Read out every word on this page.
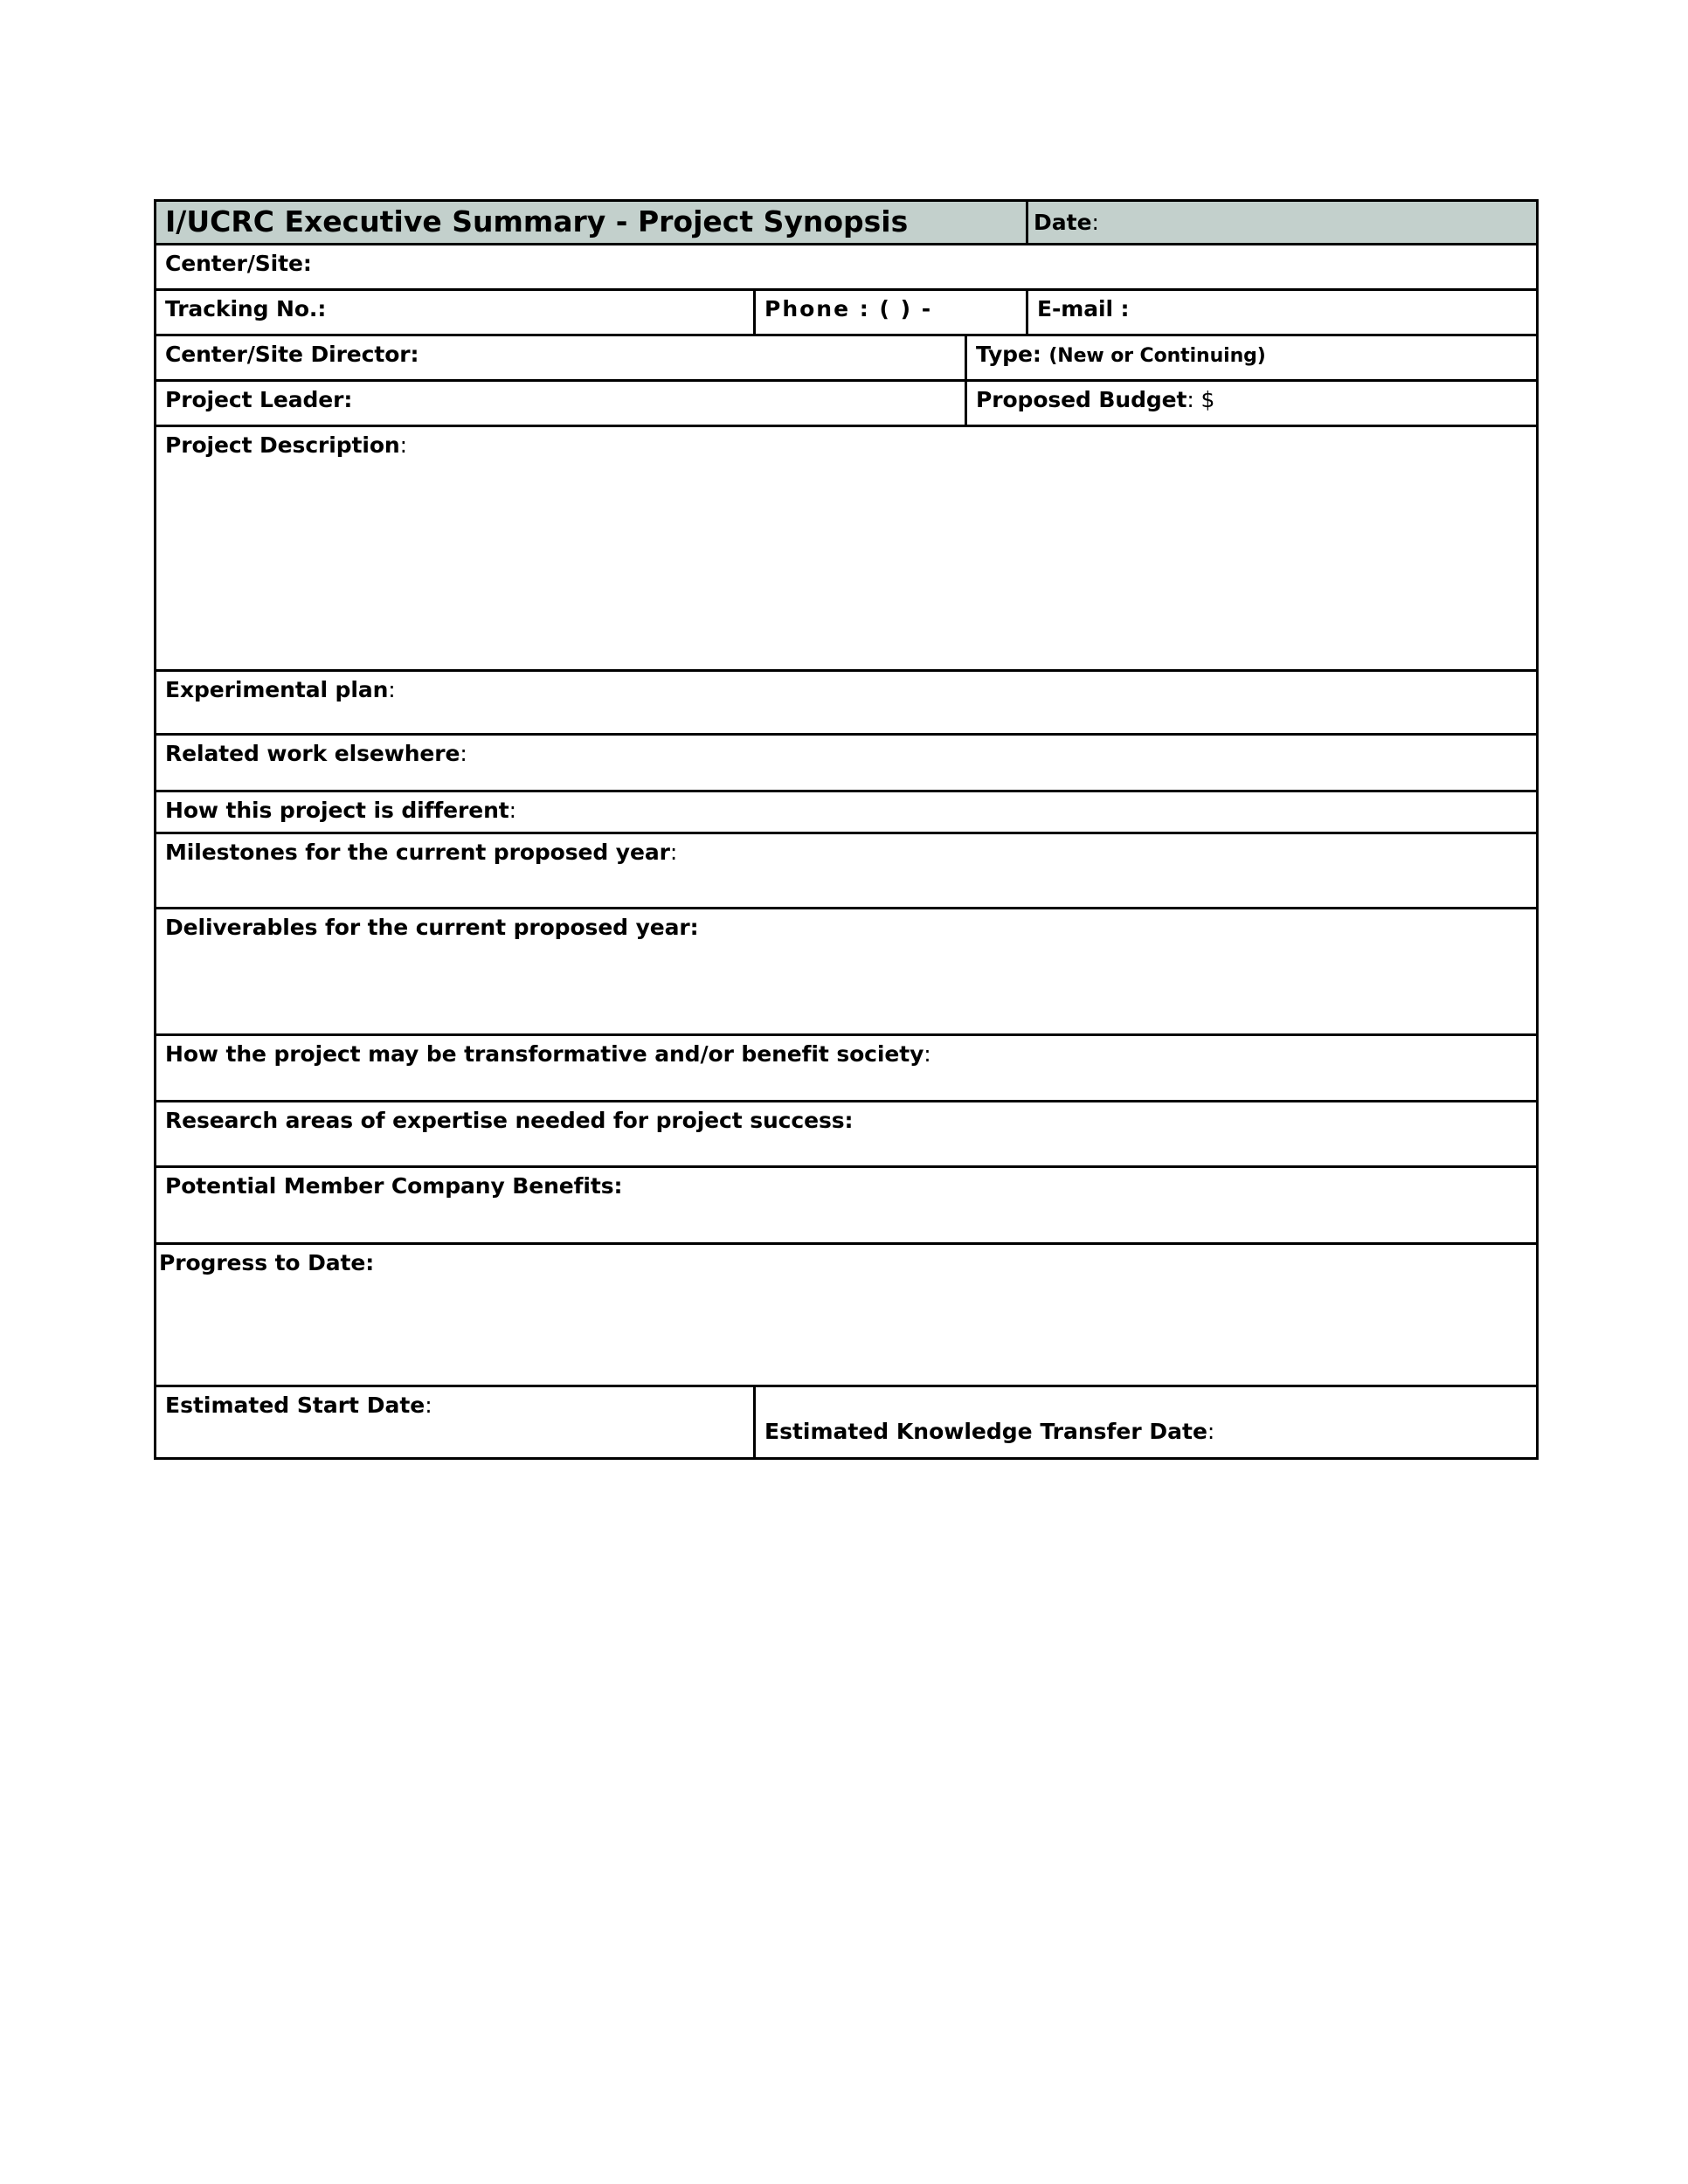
I/UCRC Executive Summary - Project Synopsis			Date:

Center/Site:			

Tracking No.:	Phone : ( ) -		E-mail :

Center/Site Director:		Type: (New or Continuing)	

Project Leader:		Proposed Budget: $	

Project Description:			

Experimental plan:			

Related work elsewhere:			

How this project is different:			

Milestones for the current proposed year:			

Deliverables for the current proposed year:			

How the project may be transformative and/or benefit society:			

Research areas of expertise needed for project success:			

Potential Member Company Benefits:			

Progress to Date:			

Estimated Start Date:	Estimated Knowledge Transfer Date:		
